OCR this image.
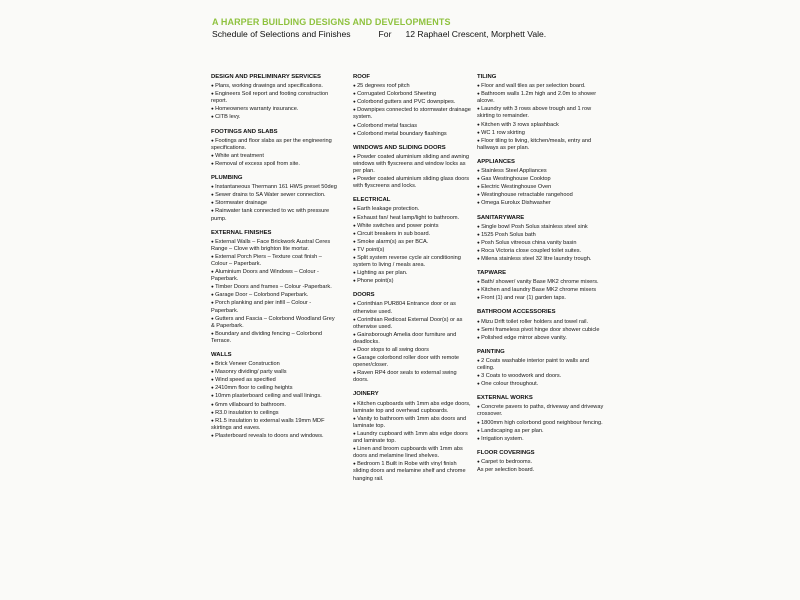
A HARPER BUILDING DESIGNS AND DEVELOPMENTS
Schedule of Selections and Finishes	For 12 Raphael Crescent, Morphett Vale.
DESIGN AND PRELIMINARY SERVICES

● Plans, working drawings and specifications.

● Engineers Soil report and footing construction report.

● Homeowners warranty insurance.

● CITB levy.

FOOTINGS AND SLABS

● Footings and floor slabs as per the engineering specifications.

● White ant treatment

● Removal of excess spoil from site.

PLUMBING

● Instantaneous Thermann 161 HWS preset 50deg

● Sewer drains to SA Water sewer connection.

● Stormwater drainage

● Rainwater tank connected to wc with pressure pump.

EXTERNAL FINISHES

● External Walls – Face Brickwork Austral Ceres Range – Clove with brighton lite mortar.

● External Porch Piers – Texture coat finish – Colour – Paperbark.

● Aluminium Doors and Windows – Colour - Paperbark.

● Timber Doors and frames – Colour -Paperbark.

● Garage Door – Colorbond Paperbark.

● Porch planking and pier infill – Colour - Paperbark.

● Gutters and Fascia – Colorbond Woodland Grey & Paperbark.

● Boundary and dividing fencing – Colorbond Terrace.

WALLS

● Brick Veneer Construction

● Masonry dividing/ party walls

● Wind speed as specified

● 2410mm floor to ceiling heights

● 10mm plasterboard ceiling and wall linings.

● 6mm villaboard to bathroom.

● R3.0 insulation to ceilings

● R1.5 insulation to external walls 19mm MDF skirtings and eaves.

● Plasterboard reveals to doors and windows.

ROOF

● 25 degrees roof pitch

● Corrugated Colorbond Sheeting

● Colorbond gutters and PVC downpipes.

● Downpipes connected to stormwater drainage system.

● Colorbond metal fascias

● Colorbond metal boundary flashings

WINDOWS AND SLIDING DOORS

● Powder coated aluminium sliding and awning windows with flyscreens and window locks as per plan.

● Powder coated aluminium sliding glass doors with flyscreens and locks.

ELECTRICAL

● Earth leakage protection.

● Exhaust fan/ heat lamp/light to bathroom.

● White switches and power points

● Circuit breakers in sub board.

● Smoke alarm(s) as per BCA.

● TV point(s)

● Split system reverse cycle air conditioning system to living / meals area.

● Lighting as per plan.

● Phone point(s)

DOORS

● Corinthian PUR804 Entrance door or as otherwise used.

● Corinthian Redicoat External Door(s) or as otherwise used.

● Gainsborough Amelia door furniture and deadlocks.

● Door stops to all swing doors

● Garage colorbond roller door with remote opener/closer.

● Raven RP4 door seals to external swing doors.

JOINERY

● Kitchen cupboards with 1mm abs edge doors, laminate top and overhead cupboards.

● Vanity to bathroom with 1mm abs doors and laminate top.

● Laundry cupboard with 1mm abs edge doors and laminate top.

● Linen and broom cupboards with 1mm abs doors and melamine lined shelves.

● Bedroom 1 Built in Robe with vinyl finish sliding doors and melamine shelf and chrome hanging rail.

TILING

● Floor and wall tiles as per selection board.

● Bathroom walls 1.2m high and 2.0m to shower alcove.

● Laundry with 3 rows above trough and 1 row skirting to remainder.

● Kitchen with 3 rows splashback

● WC 1 row skirting

● Floor tiling to living, kitchen/meals, entry and hallways as per plan.

APPLIANCES

● Stainless Steel Appliances

● Gas Westinghouse Cooktop

● Electric Westinghouse Oven

● Westinghouse retractable rangehood

● Omega Eurolux Dishwasher

SANITARYWARE

● Single bowl Posh Solus stainless steel sink

● 1525 Posh Solus bath

● Posh Solus vitreous china vanity basin

● Roca Victoria close coupled toilet suites.

● Milena stainless steel 32 litre laundry trough.

TAPWARE

● Bath/ shower/ vanity Base MK2 chrome mixers.

● Kitchen and laundry Base MK2 chrome mixers

● Front (1) and rear (1) garden taps.

BATHROOM ACCESSORIES

● Mizu Drift toilet roller holders and towel rail.

● Semi frameless pivot hinge door shower cubicle

● Polished edge mirror above vanity.

PAINTING

● 2 Coats washable interior paint to walls and ceiling.

● 3 Coats to woodwork and doors.

● One colour throughout.

EXTERNAL WORKS

● Concrete pavers to paths, driveway and driveway crossover.

● 1800mm high colorbond good neighbour fencing.

● Landscaping as per plan.

● Irrigation system.

FLOOR COVERINGS

● Carpet to bedrooms.

As per selection board.
